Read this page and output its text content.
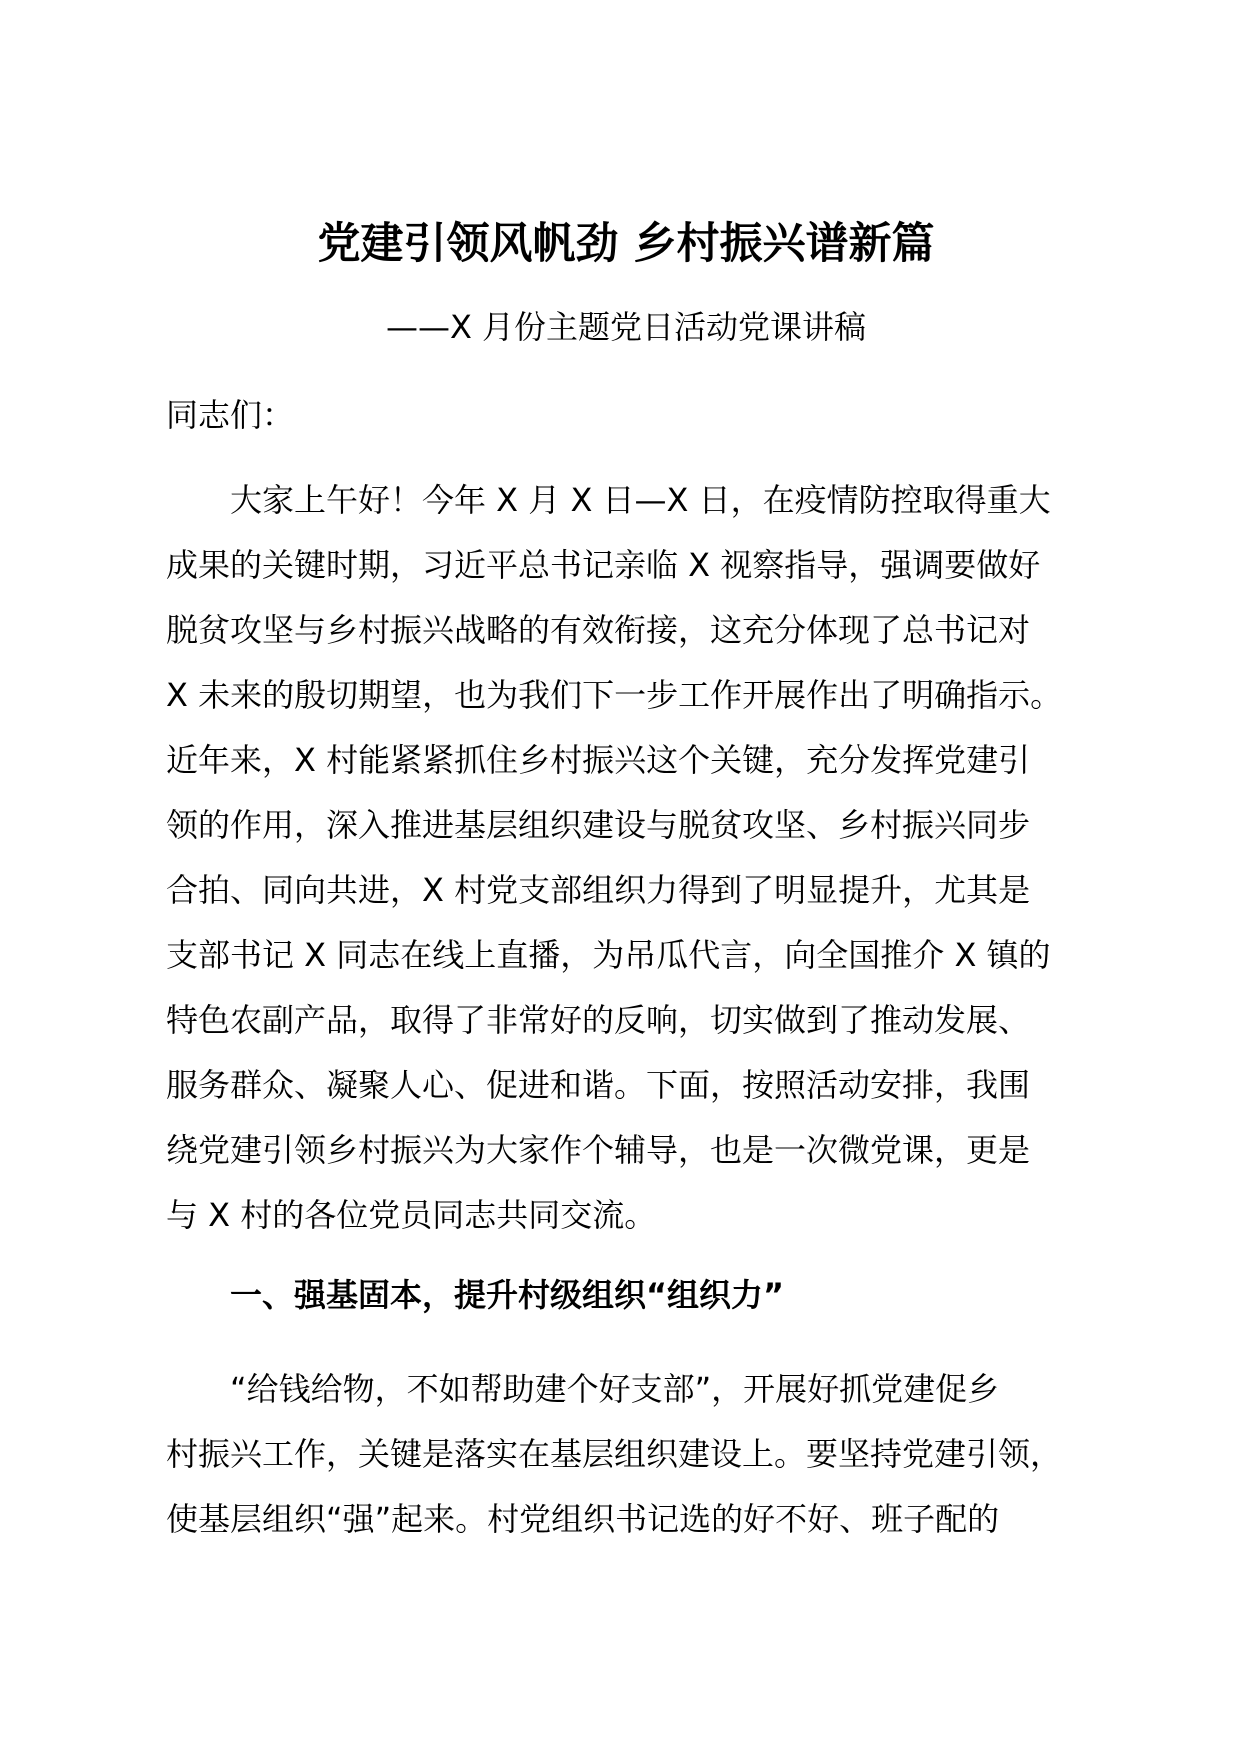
党建引领风帆劲 乡村振兴谱新篇
——X 月份主题党日活动党课讲稿
同志们：
大家上午好！今年 X 月 X 日—X 日，在疫情防控取得重大
成果的关键时期，习近平总书记亲临 X 视察指导，强调要做好
脱贫攻坚与乡村振兴战略的有效衔接，这充分体现了总书记对
X 未来的殷切期望，也为我们下一步工作开展作出了明确指示。
近年来，X 村能紧紧抓住乡村振兴这个关键，充分发挥党建引
领的作用，深入推进基层组织建设与脱贫攻坚、乡村振兴同步
合拍、同向共进，X 村党支部组织力得到了明显提升，尤其是
支部书记 X 同志在线上直播，为吊瓜代言，向全国推介 X 镇的
特色农副产品，取得了非常好的反响，切实做到了推动发展、
服务群众、凝聚人心、促进和谐。下面，按照活动安排，我围
绕党建引领乡村振兴为大家作个辅导，也是一次微党课，更是
与 X 村的各位党员同志共同交流。
一、强基固本，提升村级组织“组织力”
“给钱给物，不如帮助建个好支部”，开展好抓党建促乡
村振兴工作，关键是落实在基层组织建设上。要坚持党建引领，
使基层组织“强”起来。村党组织书记选的好不好、班子配的
